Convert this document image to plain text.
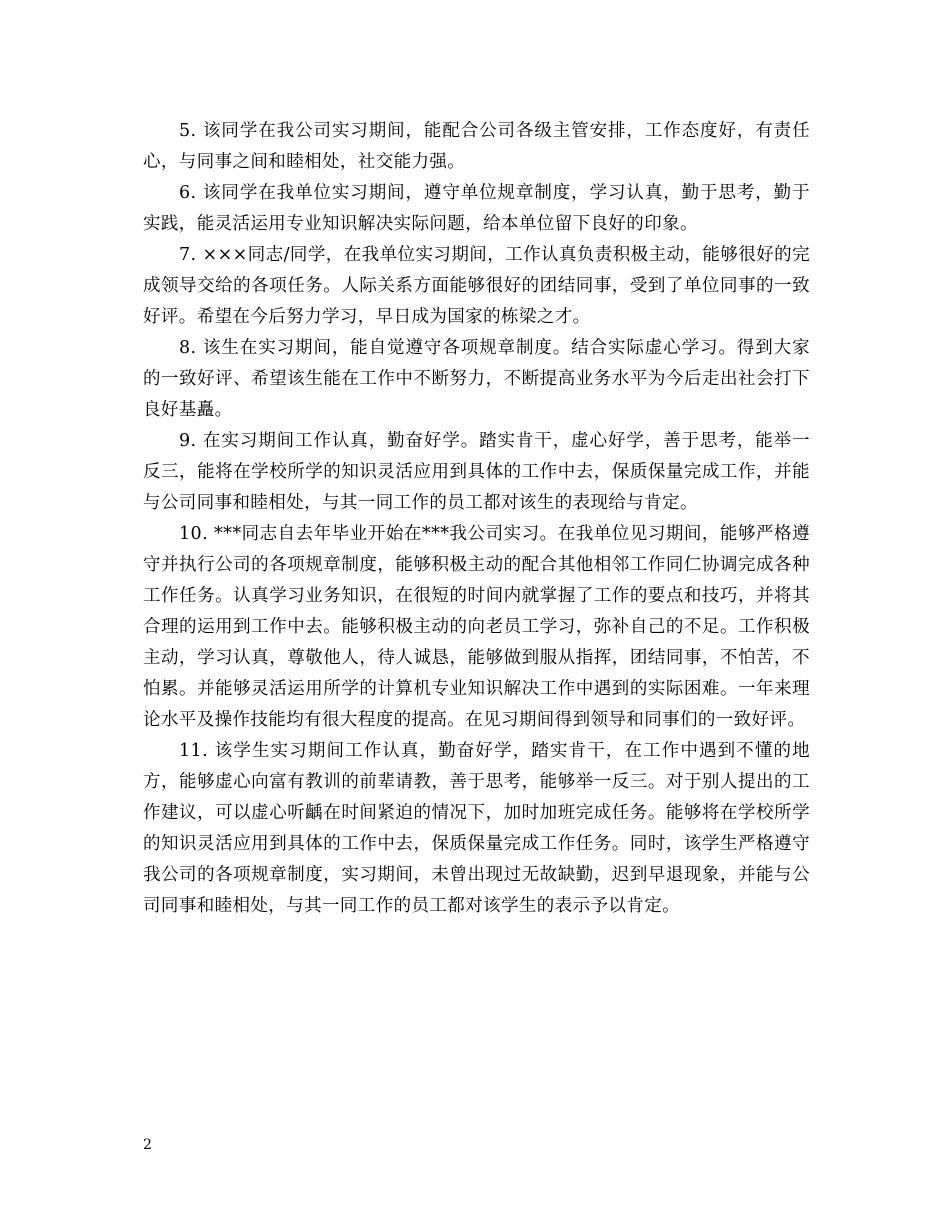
5. 该同学在我公司实习期间，能配合公司各级主管安排，工作态度好，有责任心，与同事之间和睦相处，社交能力强。

6. 该同学在我单位实习期间，遵守单位规章制度，学习认真，勤于思考，勤于实践，能灵活运用专业知识解决实际问题，给本单位留下良好的印象。

7. ×××同志/同学，在我单位实习期间，工作认真负责积极主动，能够很好的完成领导交给的各项任务。人际关系方面能够很好的团结同事，受到了单位同事的一致好评。希望在今后努力学习，早日成为国家的栋梁之才。

8. 该生在实习期间，能自觉遵守各项规章制度。结合实际虚心学习。得到大家的一致好评、希望该生能在工作中不断努力，不断提高业务水平为今后走出社会打下良好基矗。

9. 在实习期间工作认真，勤奋好学。踏实肯干，虚心好学，善于思考，能举一反三，能将在学校所学的知识灵活应用到具体的工作中去，保质保量完成工作，并能与公司同事和睦相处，与其一同工作的员工都对该生的表现给与肯定。

10. ***同志自去年毕业开始在***我公司实习。在我单位见习期间，能够严格遵守并执行公司的各项规章制度，能够积极主动的配合其他相邻工作同仁协调完成各种工作任务。认真学习业务知识，在很短的时间内就掌握了工作的要点和技巧，并将其合理的运用到工作中去。能够积极主动的向老员工学习，弥补自己的不足。工作积极主动，学习认真，尊敬他人，待人诚恳，能够做到服从指挥，团结同事，不怕苦，不怕累。并能够灵活运用所学的计算机专业知识解决工作中遇到的实际困难。一年来理论水平及操作技能均有很大程度的提高。在见习期间得到领导和同事们的一致好评。

11. 该学生实习期间工作认真，勤奋好学，踏实肯干，在工作中遇到不懂的地方，能够虚心向富有教训的前辈请教，善于思考，能够举一反三。对于别人提出的工作建议，可以虚心听齲在时间紧迫的情况下，加时加班完成任务。能够将在学校所学的知识灵活应用到具体的工作中去，保质保量完成工作任务。同时，该学生严格遵守我公司的各项规章制度，实习期间，未曾出现过无故缺勤，迟到早退现象，并能与公司同事和睦相处，与其一同工作的员工都对该学生的表示予以肯定。

2
